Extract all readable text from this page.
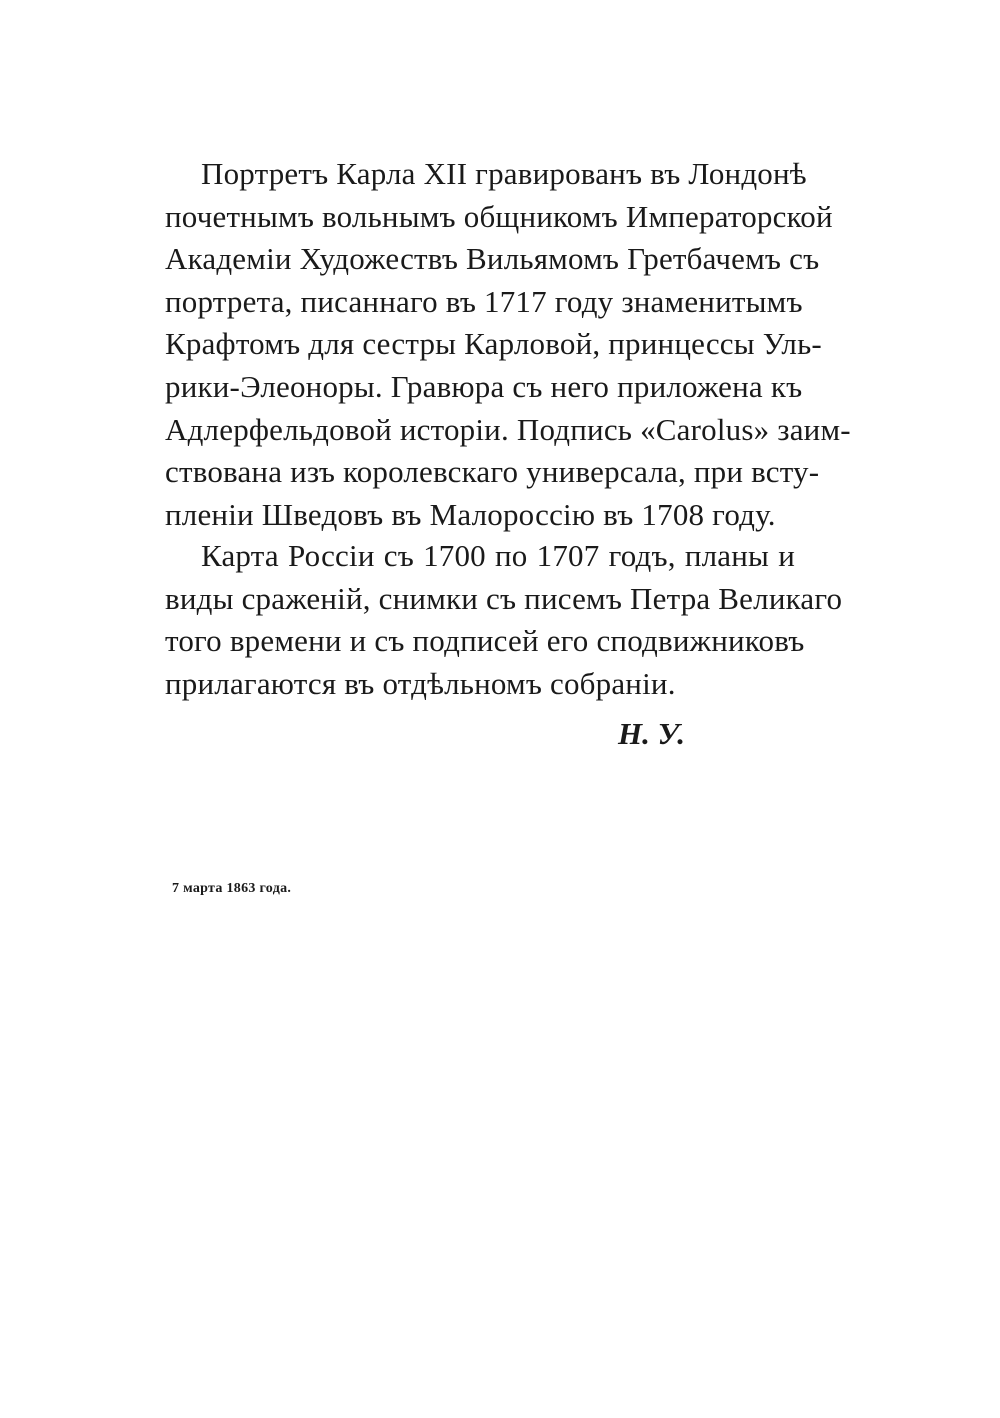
Портретъ Карла XII гравированъ въ Лондонѣ
почетнымъ вольнымъ общникомъ Императорской
Академіи Художествъ Вильямомъ Гретбачемъ съ
портрета, писаннаго въ 1717 году знаменитымъ
Крафтомъ для сестры Карловой, принцессы Уль-
рики-Элеоноры. Гравюра съ него приложена къ
Адлерфельдовой исторіи. Подпись «Carolus» заим-
ствована изъ королевскаго универсала, при всту-
пленіи Шведовъ въ Малороссію въ 1708 году.
Карта Россіи съ 1700 по 1707 годъ, планы и
виды сраженій, снимки съ писемъ Петра Великаго
того времени и съ подписей его сподвижниковъ
прилагаются въ отдѣльномъ собраніи.
Н. У.
7 марта 1863 года.
